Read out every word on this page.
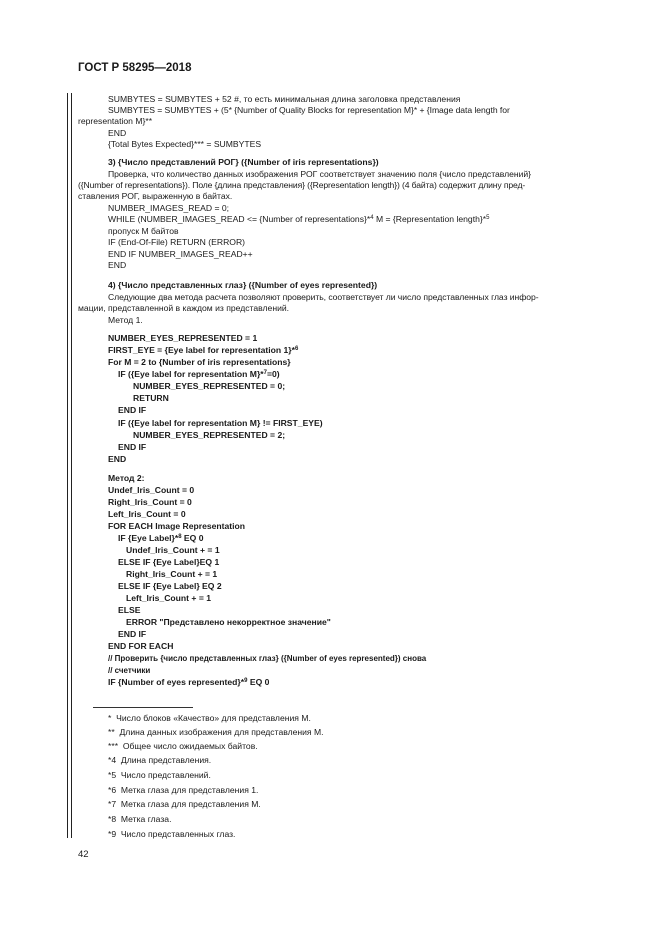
ГОСТ Р 58295—2018
SUMBYTES = SUMBYTES + 52 #, то есть минимальная длина заголовка представления
SUMBYTES = SUMBYTES + (5* {Number of Quality Blocks for representation M}* + {Image data length for
representation M}**
END
{Total Bytes Expected}*** = SUMBYTES
3) {Число представлений РОГ} ({Number of iris representations})
Проверка, что количество данных изображения РОГ соответствует значению поля {число представлений}
({Number of representations}). Поле {длина представления} ({Representation length}) (4 байта) содержит длину пред-
ставления РОГ, выраженную в байтах.
NUMBER_IMAGES_READ = 0;
WHILE (NUMBER_IMAGES_READ <= {Number of representations}*$^4$ M = {Representation length}*$^5$
пропуск M байтов
IF (End-Of-File) RETURN (ERROR)
END IF NUMBER_IMAGES_READ++
END
4) {Число представленных глаз} ({Number of eyes represented})
Следующие два метода расчета позволяют проверить, соответствует ли число представленных глаз инфор-
мации, представленной в каждом из представлений.
Метод 1.
NUMBER_EYES_REPRESENTED = 1
FIRST_EYE = {Eye label for representation 1}*$^6$
For M = 2 to {Number of iris representations}
IF ({Eye label for representation M}*$^7$=0)
NUMBER_EYES_REPRESENTED = 0;
RETURN
END IF
IF ({Eye label for representation M} != FIRST_EYE)
NUMBER_EYES_REPRESENTED = 2;
END IF
END
Метод 2:
Undef_Iris_Count = 0
Right_Iris_Count = 0
Left_Iris_Count = 0
FOR EACH Image Representation
IF {Eye Label}*$^8$ EQ 0
Undef_Iris_Count + = 1
ELSE IF {Eye Label}EQ 1
Right_Iris_Count + = 1
ELSE IF {Eye Label} EQ 2
Left_Iris_Count + = 1
ELSE
ERROR "Представлено некорректное значение"
END IF
END FOR EACH
// Проверить {число представленных глаз} ({Number of eyes represented}) снова
// счетчики
IF {Number of eyes represented}*$^9$ EQ 0
* Число блоков «Качество» для представления M.
** Длина данных изображения для представления M.
*** Общее число ожидаемых байтов.
*4 Длина представления.
*5 Число представлений.
*6 Метка глаза для представления 1.
*7 Метка глаза для представления M.
*8 Метка глаза.
*9 Число представленных глаз.
42
